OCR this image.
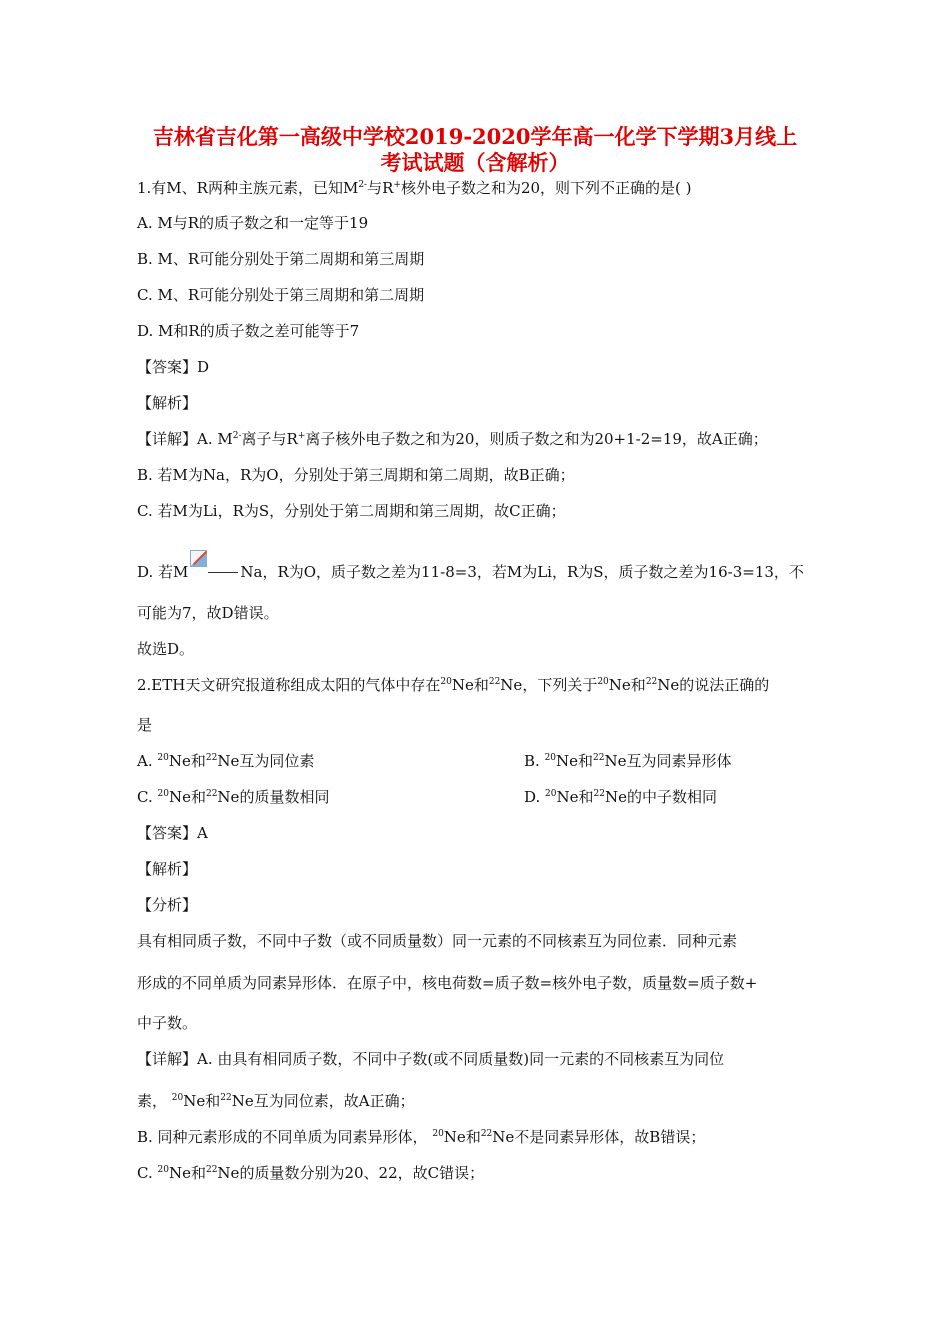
吉林省吉化第一高级中学校2019-2020学年高一化学下学期3月线上
考试试题（含解析）
1.有M、R两种主族元素，已知$M^{2-}$与R+核外电子数之和为20，则下列不正确的是( )
A. M与R的质子数之和一定等于19
B. M、R可能分别处于第二周期和第三周期
C. M、R可能分别处于第三周期和第二周期
D. M和R的质子数之差可能等于7
【答案】D
【解析】
【详解】A. $M^{2-}$离子与R+离子核外电子数之和为20，则质子数之和为20+1-2=19，故A正确；
B. 若M为Na，R为O，分别处于第三周期和第二周期，故B正确；
C. 若M为Li，R为S，分别处于第二周期和第三周期，故C正确；
D. 若M	Na，R为O，质子数之差为11-8=3，若M为Li，R为S，质子数之差为16-3=13，不
可能为7，故D错误。
故选D。
2.ETH天文研究报道称组成太阳的气体中存在$^{20}$Ne和$^{22}$Ne，下列关于$^{20}$Ne和$^{22}$Ne的说法正确的
是
A. $^{20}$Ne和$^{22}$Ne互为同位素	B. $^{20}$Ne和$^{22}$Ne互为同素异形体
C. $^{20}$Ne和$^{22}$Ne的质量数相同	D. $^{20}$Ne和$^{22}$Ne的中子数相同
【答案】A
【解析】
【分析】
具有相同质子数，不同中子数（或不同质量数）同一元素的不同核素互为同位素．同种元素
形成的不同单质为同素异形体．在原子中，核电荷数=质子数=核外电子数，质量数=质子数+
中子数。
【详解】A. 由具有相同质子数，不同中子数(或不同质量数)同一元素的不同核素互为同位
素， $^{20}$Ne和$^{22}$Ne互为同位素，故A正确；
B. 同种元素形成的不同单质为同素异形体， $^{20}$Ne和$^{22}$Ne不是同素异形体，故B错误；
C. $^{20}$Ne和$^{22}$Ne的质量数分别为20、22，故C错误；
